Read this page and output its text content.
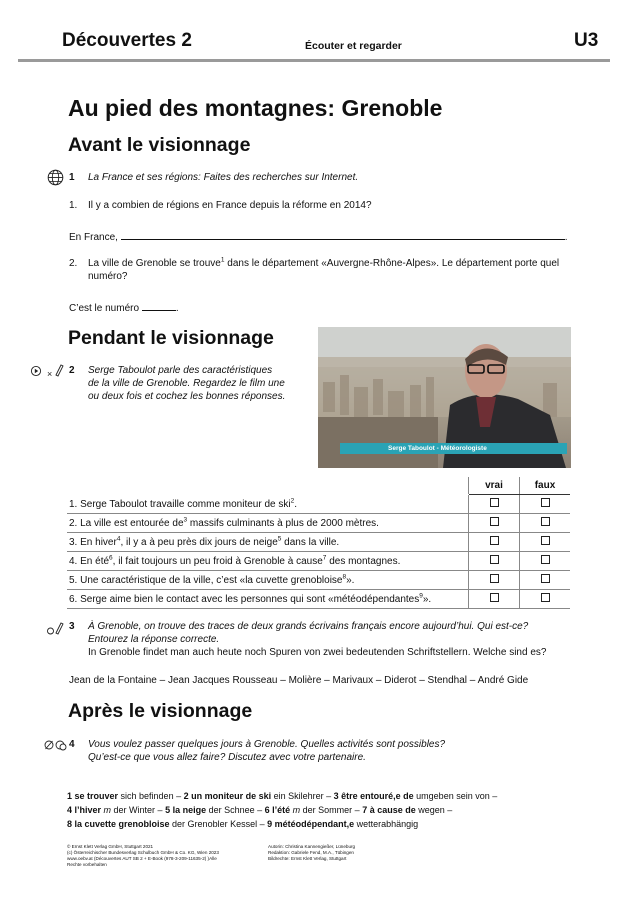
Découvertes 2	Écouter et regarder	U3
Au pied des montagnes: Grenoble
Avant le visionnage
1 La France et ses régions: Faites des recherches sur Internet.
1. Il y a combien de régions en France depuis la réforme en 2014?
En France,	.
2. La ville de Grenoble se trouve$^1$ dans le département «Auvergne-Rhône-Alpes». Le département porte quel
numéro?
C’est le numéro	.
Pendant le visionnage
× 2 Serge Taboulot parle des caractéristiques
de la ville de Grenoble. Regardez le film une
ou deux fois et cochez les bonnes réponses.
Serge Taboulot - Météorologiste
	vrai	faux
1. Serge Taboulot travaille comme moniteur de ski$^2$.		
2. La ville est entourée $de^3$ massifs culminants à plus de 2000 mètres.		
3. En hiver$^4$, il y a à peu près dix jours de neige$^5$ dans la ville.		
4. En été$^6$, il fait toujours un peu froid à Grenoble à cause$^7$ des montagnes.		
5. Une caractéristique de la ville, c’est «la cuvette grenobloise$^8$».		
6. Serge aime bien le contact avec les personnes qui sont «météodépendantes$^9$».		
3 À Grenoble, on trouve des traces de deux grands écrivains français encore aujourd’hui. Qui est-ce?
Entourez la réponse correcte.
In Grenoble findet man auch heute noch Spuren von zwei bedeutenden Schriftstellern. Welche sind es?
Jean de la Fontaine – Jean Jacques Rousseau – Molière – Marivaux – Diderot – Stendhal – André Gide
Après le visionnage
4 Vous voulez passer quelques jours à Grenoble. Quelles activités sont possibles?
Qu’est-ce que vous allez faire? Discutez avec votre partenaire.
1 se trouver sich befinden – 2 un moniteur de ski ein Skilehrer – 3 être entouré,e de umgeben sein von –
4 l’hiver m der Winter – 5 la neige der Schnee – 6 l’été m der Sommer – 7 à cause de wegen –
8 la cuvette grenobloise der Grenobler Kessel – 9 météodépendant,e wetterabhängig
© Ernst Klett Verlag GmbH, Stuttgart 2021
(c) Österreichischer Bundesverlag Schulbuch GmbH & Co. KG, Wien 2023
www.oebv.at (Découvertes AUT SB 2 + E-Book (978-3-209-11635-2) )Alle
Rechte vorbehalten
Autorin: Christina Kannengießer, Lüneburg
Redaktion: Gabriele Fend, M.A., Tübingen
Bildrechte: Ernst Klett Verlag, Stuttgart
